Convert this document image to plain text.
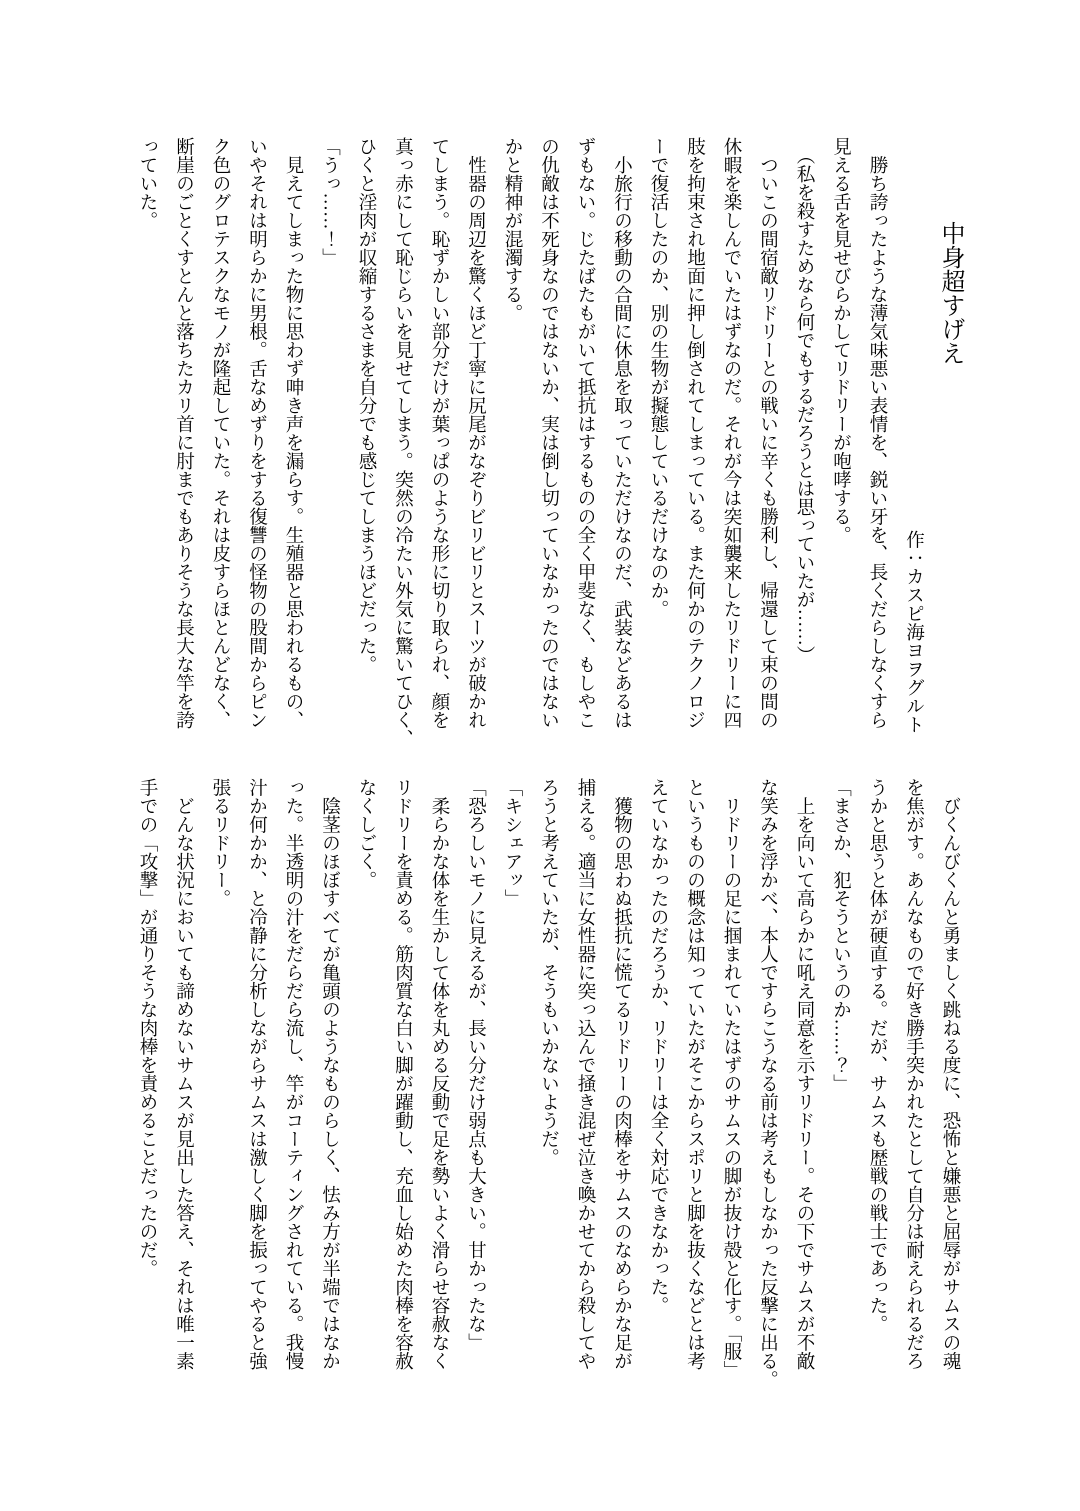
中身超すげえ

作：カスピ海ヨヲグルト

　勝ち誇ったような薄気味悪い表情を、鋭い牙を、長くだらしなくすら

見える舌を見せびらかしてリドリーが咆哮する。

　（私を殺すためなら何でもするだろうとは思っていたが……）

　ついこの間宿敵リドリーとの戦いに辛くも勝利し、帰還して束の間の

休暇を楽しんでいたはずなのだ。それが今は突如襲来したリドリーに四

肢を拘束され地面に押し倒されてしまっている。また何かのテクノロジ

ーで復活したのか、別の生物が擬態しているだけなのか。

　小旅行の移動の合間に休息を取っていただけなのだ、武装などあるは

ずもない。じたばたもがいて抵抗はするものの全く甲斐なく、もしやこ

の仇敵は不死身なのではないか、実は倒し切っていなかったのではない

かと精神が混濁する。

　性器の周辺を驚くほど丁寧に尻尾がなぞりビリビリとスーツが破かれ

てしまう。恥ずかしい部分だけが葉っぱのような形に切り取られ、顔を

真っ赤にして恥じらいを見せてしまう。突然の冷たい外気に驚いてひく、

ひくと淫肉が収縮するさまを自分でも感じてしまうほどだった。

「うっ……！」

　見えてしまった物に思わず呻き声を漏らす。生殖器と思われるもの、

いやそれは明らかに男根。舌なめずりをする復讐の怪物の股間からピン

ク色のグロテスクなモノが隆起していた。それは皮すらほとんどなく、

断崖のごとくすとんと落ちたカリ首に肘までもありそうな長大な竿を誇

っていた。

　びくんびくんと勇ましく跳ねる度に、恐怖と嫌悪と屈辱がサムスの魂

を焦がす。あんなもので好き勝手突かれたとして自分は耐えられるだろ

うかと思うと体が硬直する。だが、サムスも歴戦の戦士であった。

「まさか、犯そうというのか……？」

　上を向いて高らかに吼え同意を示すリドリー。その下でサムスが不敵

な笑みを浮かべ、本人ですらこうなる前は考えもしなかった反撃に出る。

　リドリーの足に掴まれていたはずのサムスの脚が抜け殻と化す。「服」

というものの概念は知っていたがそこからスポリと脚を抜くなどとは考

えていなかったのだろうか、リドリーは全く対応できなかった。

　獲物の思わぬ抵抗に慌てるリドリーの肉棒をサムスのなめらかな足が

捕える。適当に女性器に突っ込んで掻き混ぜ泣き喚かせてから殺してや

ろうと考えていたが、そうもいかないようだ。

「キシェアッ」

「恐ろしいモノに見えるが、長い分だけ弱点も大きい。甘かったな」

　柔らかな体を生かして体を丸める反動で足を勢いよく滑らせ容赦なく

リドリーを責める。筋肉質な白い脚が躍動し、充血し始めた肉棒を容赦

なくしごく。

　陰茎のほぼすべてが亀頭のようなものらしく、怯み方が半端ではなか

った。半透明の汁をだらだら流し、竿がコーティングされている。我慢

汁か何かか、と冷静に分析しながらサムスは激しく脚を振ってやると強

張るリドリー。

　どんな状況においても諦めないサムスが見出した答え、それは唯一素

手での「攻撃」が通りそうな肉棒を責めることだったのだ。
